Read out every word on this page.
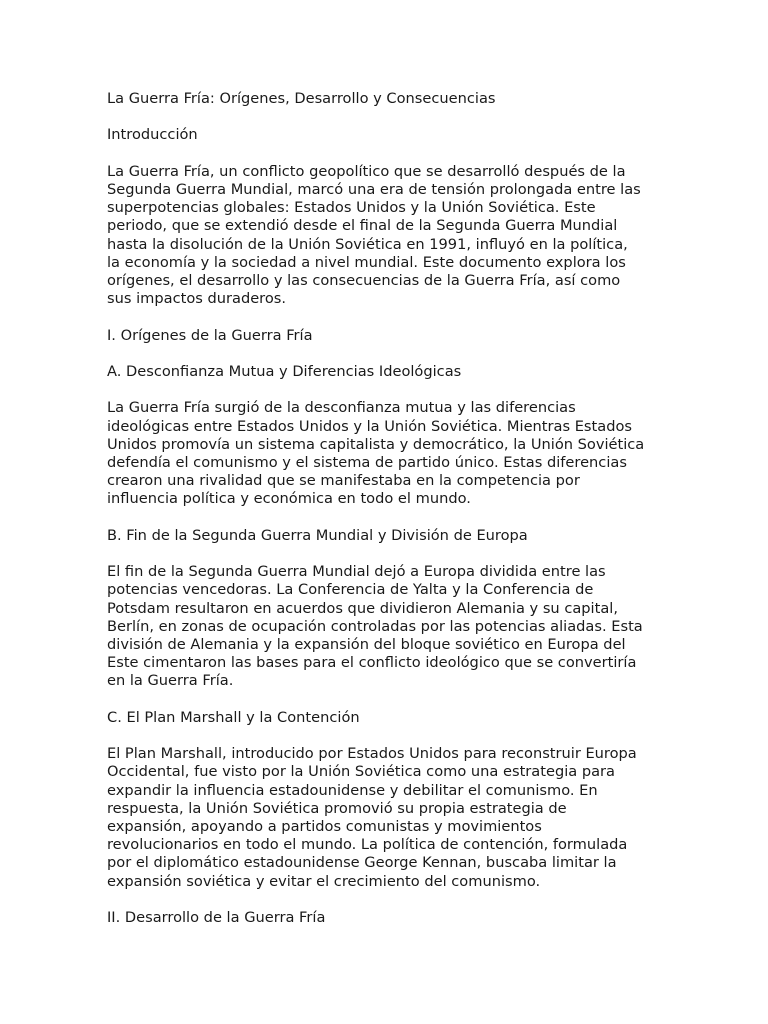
La Guerra Fría: Orígenes, Desarrollo y Consecuencias
Introducción
La Guerra Fría, un conflicto geopolítico que se desarrolló después de la
Segunda Guerra Mundial, marcó una era de tensión prolongada entre las
superpotencias globales: Estados Unidos y la Unión Soviética. Este
periodo, que se extendió desde el final de la Segunda Guerra Mundial
hasta la disolución de la Unión Soviética en 1991, influyó en la política,
la economía y la sociedad a nivel mundial. Este documento explora los
orígenes, el desarrollo y las consecuencias de la Guerra Fría, así como
sus impactos duraderos.
I. Orígenes de la Guerra Fría
A. Desconfianza Mutua y Diferencias Ideológicas
La Guerra Fría surgió de la desconfianza mutua y las diferencias
ideológicas entre Estados Unidos y la Unión Soviética. Mientras Estados
Unidos promovía un sistema capitalista y democrático, la Unión Soviética
defendía el comunismo y el sistema de partido único. Estas diferencias
crearon una rivalidad que se manifestaba en la competencia por
influencia política y económica en todo el mundo.
B. Fin de la Segunda Guerra Mundial y División de Europa
El fin de la Segunda Guerra Mundial dejó a Europa dividida entre las
potencias vencedoras. La Conferencia de Yalta y la Conferencia de
Potsdam resultaron en acuerdos que dividieron Alemania y su capital,
Berlín, en zonas de ocupación controladas por las potencias aliadas. Esta
división de Alemania y la expansión del bloque soviético en Europa del
Este cimentaron las bases para el conflicto ideológico que se convertiría
en la Guerra Fría.
C. El Plan Marshall y la Contención
El Plan Marshall, introducido por Estados Unidos para reconstruir Europa
Occidental, fue visto por la Unión Soviética como una estrategia para
expandir la influencia estadounidense y debilitar el comunismo. En
respuesta, la Unión Soviética promovió su propia estrategia de
expansión, apoyando a partidos comunistas y movimientos
revolucionarios en todo el mundo. La política de contención, formulada
por el diplomático estadounidense George Kennan, buscaba limitar la
expansión soviética y evitar el crecimiento del comunismo.
II. Desarrollo de la Guerra Fría
